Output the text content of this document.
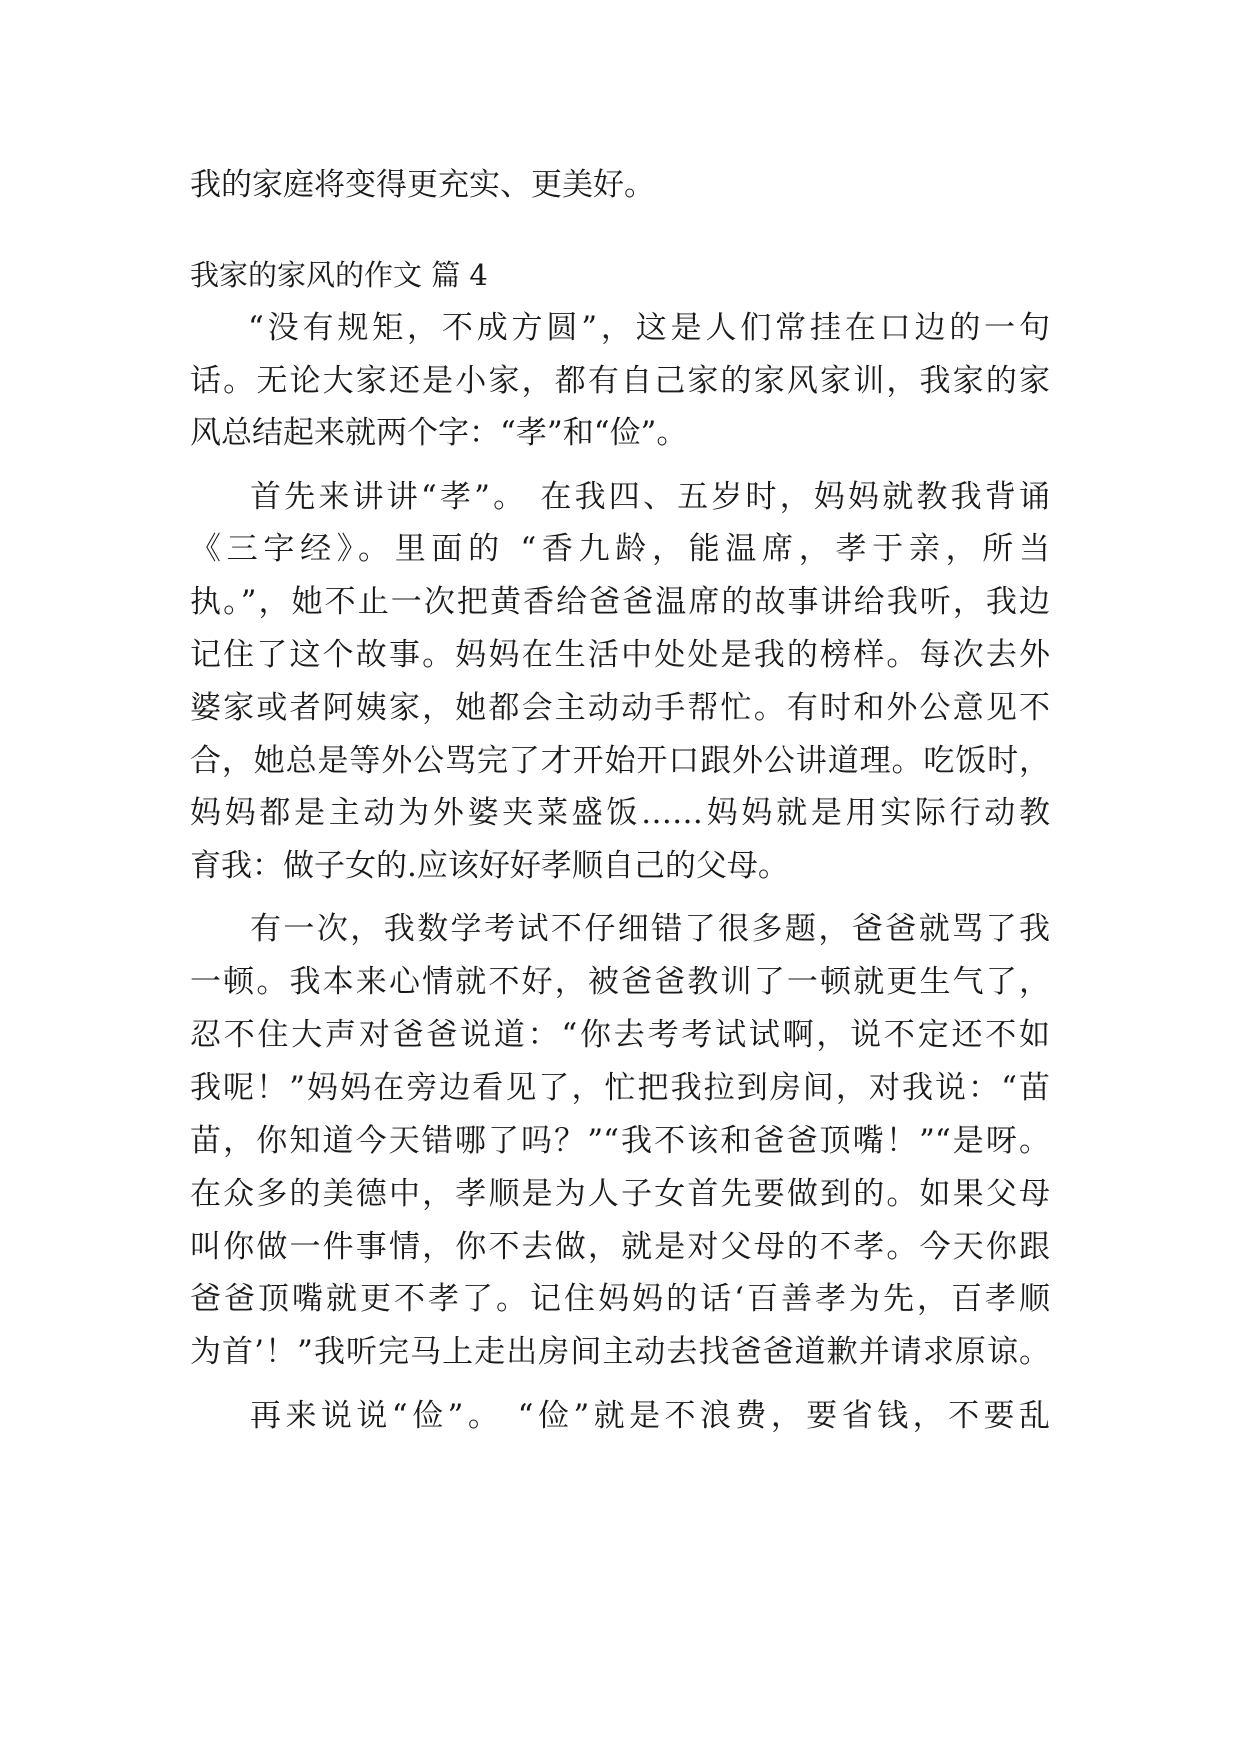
我的家庭将变得更充实、更美好。
我家的家风的作文 篇 4
“没有规矩，不成方圆”，这是人们常挂在口边的一句
话。无论大家还是小家，都有自己家的家风家训，我家的家
风总结起来就两个字：“孝”和“俭”。
首先来讲讲“孝”。 在我四、五岁时，妈妈就教我背诵
《三字经》。里面的 “香九龄，能温席，孝于亲，所当
执。”，她不止一次把黄香给爸爸温席的故事讲给我听，我边
记住了这个故事。妈妈在生活中处处是我的榜样。每次去外
婆家或者阿姨家，她都会主动动手帮忙。有时和外公意见不
合，她总是等外公骂完了才开始开口跟外公讲道理。吃饭时，
妈妈都是主动为外婆夹菜盛饭……妈妈就是用实际行动教
育我：做子女的.应该好好孝顺自己的父母。
有一次，我数学考试不仔细错了很多题，爸爸就骂了我
一顿。我本来心情就不好，被爸爸教训了一顿就更生气了，
忍不住大声对爸爸说道：“你去考考试试啊，说不定还不如
我呢！”妈妈在旁边看见了，忙把我拉到房间，对我说：“苗
苗，你知道今天错哪了吗？”“我不该和爸爸顶嘴！”“是呀。
在众多的美德中，孝顺是为人子女首先要做到的。如果父母
叫你做一件事情，你不去做，就是对父母的不孝。今天你跟
爸爸顶嘴就更不孝了。记住妈妈的话‘百善孝为先，百孝顺
为首’！”我听完马上走出房间主动去找爸爸道歉并请求原谅。
再来说说“俭”。 “俭”就是不浪费，要省钱，不要乱
